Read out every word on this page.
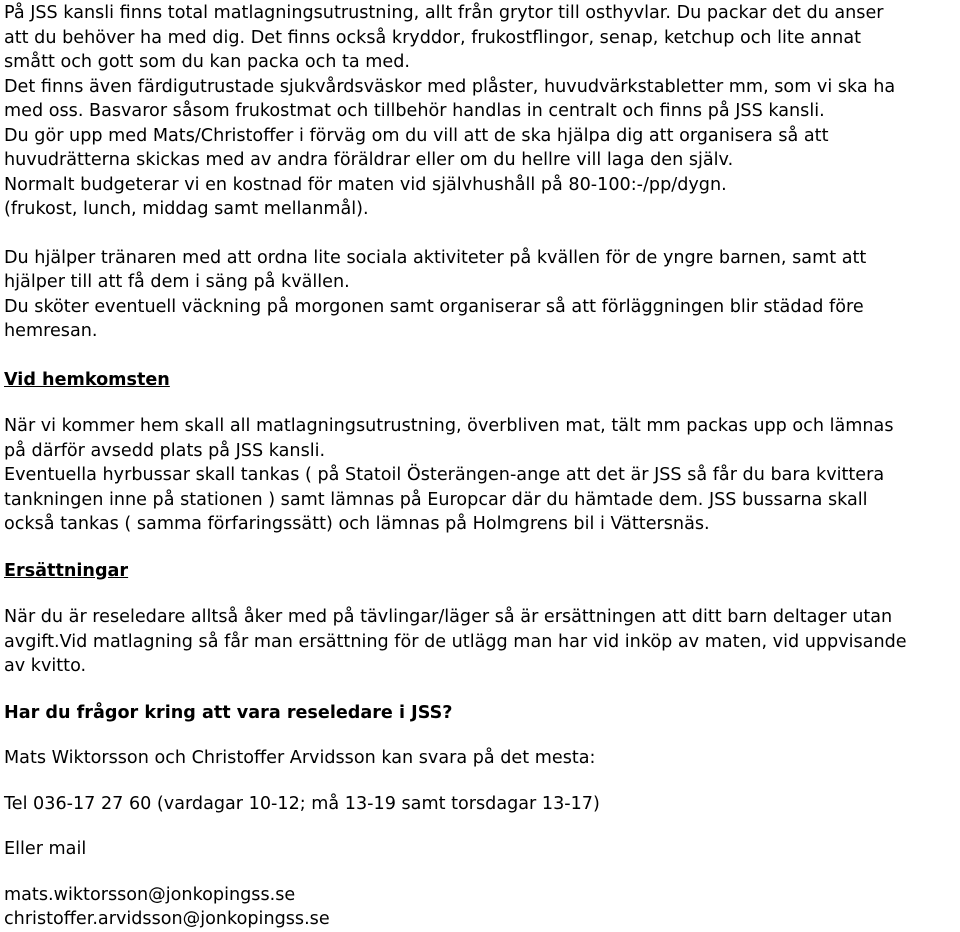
På JSS kansli finns total matlagningsutrustning, allt från grytor till osthyvlar. Du packar det du anser
att du behöver ha med dig. Det finns också kryddor, frukostflingor, senap, ketchup och lite annat
smått och gott som du kan packa och ta med.
Det finns även färdigutrustade sjukvårdsväskor med plåster, huvudvärkstabletter mm, som vi ska ha
med oss. Basvaror såsom frukostmat och tillbehör handlas in centralt och finns på JSS kansli.
Du gör upp med Mats/Christoffer i förväg om du vill att de ska hjälpa dig att organisera så att
huvudrätterna skickas med av andra föräldrar eller om du hellre vill laga den själv.
Normalt budgeterar vi en kostnad för maten vid självhushåll på 80-100:-/pp/dygn.
(frukost, lunch, middag samt mellanmål).

Du hjälper tränaren med att ordna lite sociala aktiviteter på kvällen för de yngre barnen, samt att
hjälper till att få dem i säng på kvällen.
Du sköter eventuell väckning på morgonen samt organiserar så att förläggningen blir städad före
hemresan.

Vid hemkomsten

När vi kommer hem skall all matlagningsutrustning, överbliven mat, tält mm packas upp och lämnas
på därför avsedd plats på JSS kansli.
Eventuella hyrbussar skall tankas ( på Statoil Österängen-ange att det är JSS så får du bara kvittera
tankningen inne på stationen ) samt lämnas på Europcar där du hämtade dem. JSS bussarna skall
också tankas ( samma förfaringssätt) och lämnas på Holmgrens bil i Vättersnäs.

Ersättningar

När du är reseledare alltså åker med på tävlingar/läger så är ersättningen att ditt barn deltager utan
avgift.Vid matlagning så får man ersättning för de utlägg man har vid inköp av maten, vid uppvisande
av kvitto.

Har du frågor kring att vara reseledare i JSS?

Mats Wiktorsson och Christoffer Arvidsson kan svara på det mesta:

Tel 036-17 27 60 (vardagar 10-12; må 13-19 samt torsdagar 13-17)

Eller mail

mats.wiktorsson@jonkopingss.se

christoffer.arvidsson@jonkopingss.se
